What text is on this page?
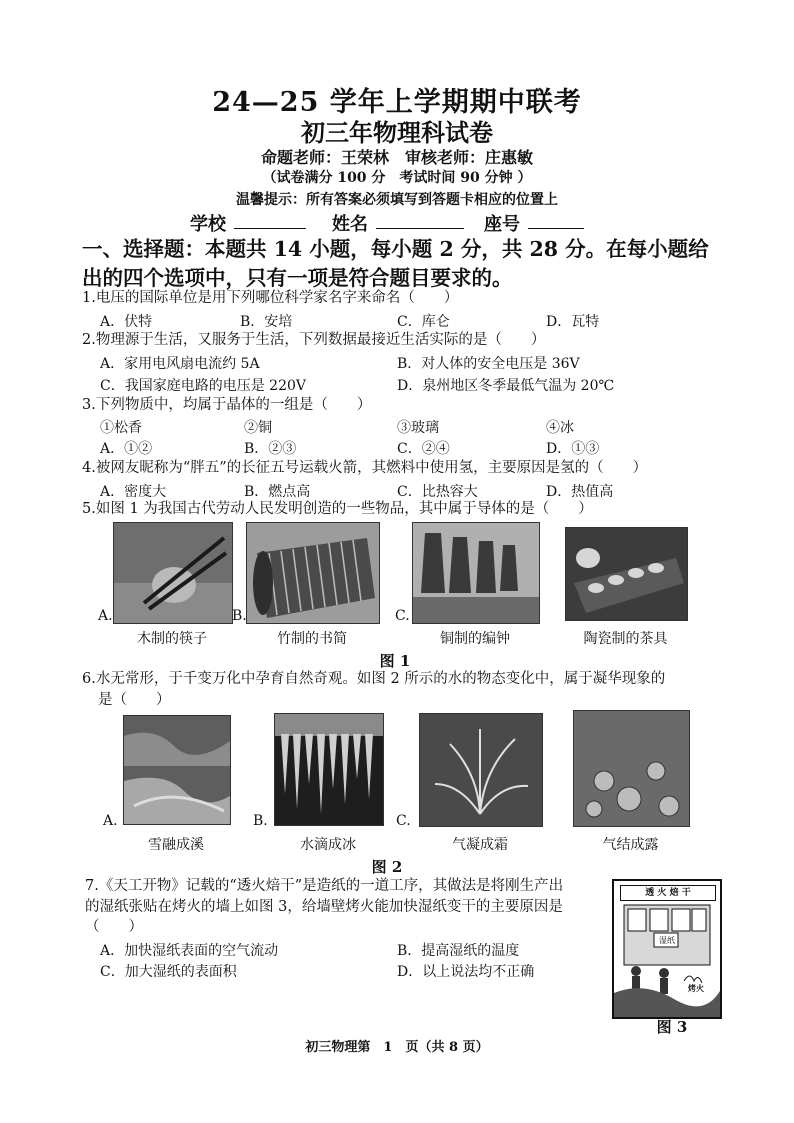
24—25 学年上学期期中联考
初三年物理科试卷
命题老师：王荣林　审核老师：庄惠敏
（试卷满分 100 分　考试时间 90 分钟 ）
温馨提示：所有答案必须填写到答题卡相应的位置上
学校	姓名	座号
一、选择题：本题共 14 小题，每小题 2 分，共 28 分。在每小题给出的四个选项中，只有一项是符合题目要求的。
1.电压的国际单位是用下列哪位科学家名字来命名（　　）
A．伏特	B．安培	C．库仑	D．瓦特
2.物理源于生活，又服务于生活，下列数据最接近生活实际的是（　　）
A．家用电风扇电流约 5A	B．对人体的安全电压是 36V
C．我国家庭电路的电压是 220V	D．泉州地区冬季最低气温为 20℃
3.下列物质中，均属于晶体的一组是（　　）
①松香	②铜	③玻璃	④冰
A．①②	B．②③	C．②④	D．①③
4.被网友昵称为“胖五”的长征五号运载火箭，其燃料中使用氢，主要原因是氢的（　　）
A．密度大	B．燃点高	C．比热容大	D．热值高
5.如图 1 为我国古代劳动人民发明创造的一些物品，其中属于导体的是（　　）
A.	B.	C.
木制的筷子	竹制的书简	铜制的编钟	陶瓷制的茶具
图 1
6.水无常形，于千变万化中孕育自然奇观。如图 2 所示的水的物态变化中，属于凝华现象的
是（　　）
A.	B.	C.
雪融成溪	水滴成冰	气凝成霜	气结成露
图 2
7.《天工开物》记载的“透火焙干”是造纸的一道工序，其做法是将刚生产出
的湿纸张贴在烤火的墙上如图 3，给墙壁烤火能加快湿纸变干的主要原因是
（　　）
A．加快湿纸表面的空气流动	B．提高湿纸的温度
C．加大湿纸的表面积	D．以上说法均不正确
透 火 焙 干
湿纸
烤火
图 3
初三物理第　1　页（共 8 页）
